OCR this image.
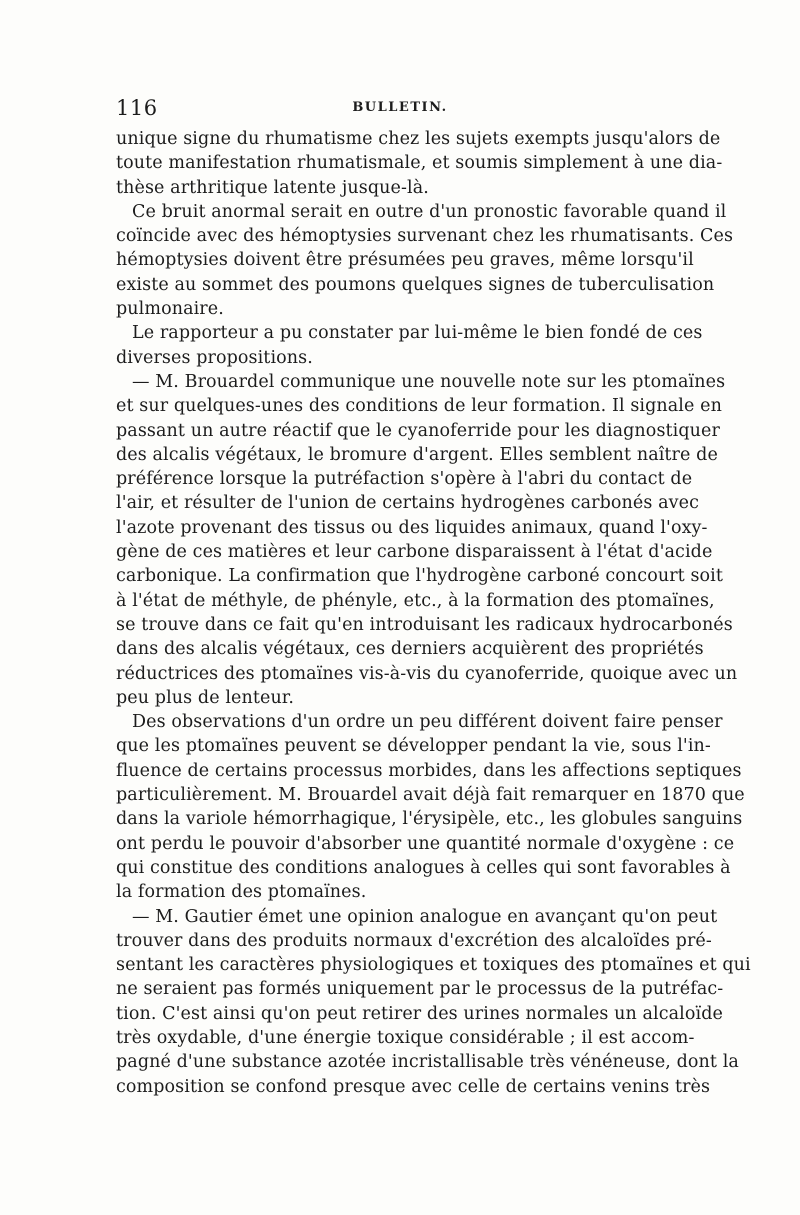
116	BULLETIN.
unique signe du rhumatisme chez les sujets exempts jusqu'alors de
toute manifestation rhumatismale, et soumis simplement à une dia-
thèse arthritique latente jusque-là.
Ce bruit anormal serait en outre d'un pronostic favorable quand il
coïncide avec des hémoptysies survenant chez les rhumatisants. Ces
hémoptysies doivent être présumées peu graves, même lorsqu'il
existe au sommet des poumons quelques signes de tuberculisation
pulmonaire.
Le rapporteur a pu constater par lui-même le bien fondé de ces
diverses propositions.
— M. Brouardel communique une nouvelle note sur les ptomaïnes
et sur quelques-unes des conditions de leur formation. Il signale en
passant un autre réactif que le cyanoferride pour les diagnostiquer
des alcalis végétaux, le bromure d'argent. Elles semblent naître de
préférence lorsque la putréfaction s'opère à l'abri du contact de
l'air, et résulter de l'union de certains hydrogènes carbonés avec
l'azote provenant des tissus ou des liquides animaux, quand l'oxy-
gène de ces matières et leur carbone disparaissent à l'état d'acide
carbonique. La confirmation que l'hydrogène carboné concourt soit
à l'état de méthyle, de phényle, etc., à la formation des ptomaïnes,
se trouve dans ce fait qu'en introduisant les radicaux hydrocarbonés
dans des alcalis végétaux, ces derniers acquièrent des propriétés
réductrices des ptomaïnes vis-à-vis du cyanoferride, quoique avec un
peu plus de lenteur.
Des observations d'un ordre un peu différent doivent faire penser
que les ptomaïnes peuvent se développer pendant la vie, sous l'in-
fluence de certains processus morbides, dans les affections septiques
particulièrement. M. Brouardel avait déjà fait remarquer en 1870 que
dans la variole hémorrhagique, l'érysipèle, etc., les globules sanguins
ont perdu le pouvoir d'absorber une quantité normale d'oxygène : ce
qui constitue des conditions analogues à celles qui sont favorables à
la formation des ptomaïnes.
— M. Gautier émet une opinion analogue en avançant qu'on peut
trouver dans des produits normaux d'excrétion des alcaloïdes pré-
sentant les caractères physiologiques et toxiques des ptomaïnes et qui
ne seraient pas formés uniquement par le processus de la putréfac-
tion. C'est ainsi qu'on peut retirer des urines normales un alcaloïde
très oxydable, d'une énergie toxique considérable ; il est accom-
pagné d'une substance azotée incristallisable très vénéneuse, dont la
composition se confond presque avec celle de certains venins très
